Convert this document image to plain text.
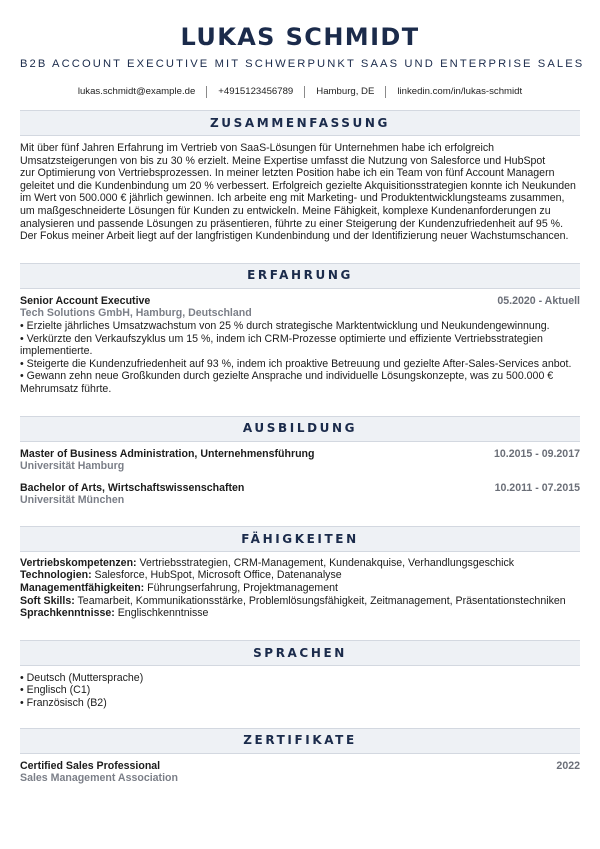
LUKAS SCHMIDT
B2B ACCOUNT EXECUTIVE MIT SCHWERPUNKT SAAS UND ENTERPRISE SALES
lukas.schmidt@example.de +4915123456789 Hamburg, DE linkedin.com/in/lukas-schmidt
ZUSAMMENFASSUNG
Mit über fünf Jahren Erfahrung im Vertrieb von SaaS-Lösungen für Unternehmen habe ich erfolgreich
Umsatzsteigerungen von bis zu 30 % erzielt. Meine Expertise umfasst die Nutzung von Salesforce und HubSpot
zur Optimierung von Vertriebsprozessen. In meiner letzten Position habe ich ein Team von fünf Account Managern
geleitet und die Kundenbindung um 20 % verbessert. Erfolgreich gezielte Akquisitionsstrategien konnte ich Neukunden
im Wert von 500.000 € jährlich gewinnen. Ich arbeite eng mit Marketing- und Produktentwicklungsteams zusammen,
um maßgeschneiderte Lösungen für Kunden zu entwickeln. Meine Fähigkeit, komplexe Kundenanforderungen zu
analysieren und passende Lösungen zu präsentieren, führte zu einer Steigerung der Kundenzufriedenheit auf 95 %.
Der Fokus meiner Arbeit liegt auf der langfristigen Kundenbindung und der Identifizierung neuer Wachstumschancen.
ERFAHRUNG
Senior Account Executive	05.2020 - Aktuell
Tech Solutions GmbH, Hamburg, Deutschland
• Erzielte jährliches Umsatzwachstum von 25 % durch strategische Marktentwicklung und Neukundengewinnung.
• Verkürzte den Verkaufszyklus um 15 %, indem ich CRM-Prozesse optimierte und effiziente Vertriebsstrategien
implementierte.
• Steigerte die Kundenzufriedenheit auf 93 %, indem ich proaktive Betreuung und gezielte After-Sales-Services anbot.
• Gewann zehn neue Großkunden durch gezielte Ansprache und individuelle Lösungskonzepte, was zu 500.000 €
Mehrumsatz führte.
AUSBILDUNG
Master of Business Administration, Unternehmensführung	10.2015 - 09.2017
Universität Hamburg
Bachelor of Arts, Wirtschaftswissenschaften	10.2011 - 07.2015
Universität München
FÄHIGKEITEN
Vertriebskompetenzen: Vertriebsstrategien, CRM-Management, Kundenakquise, Verhandlungsgeschick
Technologien: Salesforce, HubSpot, Microsoft Office, Datenanalyse
Managementfähigkeiten: Führungserfahrung, Projektmanagement
Soft Skills: Teamarbeit, Kommunikationsstärke, Problemlösungsfähigkeit, Zeitmanagement, Präsentationstechniken
Sprachkenntnisse: Englischkenntnisse
SPRACHEN
• Deutsch (Muttersprache)
• Englisch (C1)
• Französisch (B2)
ZERTIFIKATE
Certified Sales Professional	2022
Sales Management Association
